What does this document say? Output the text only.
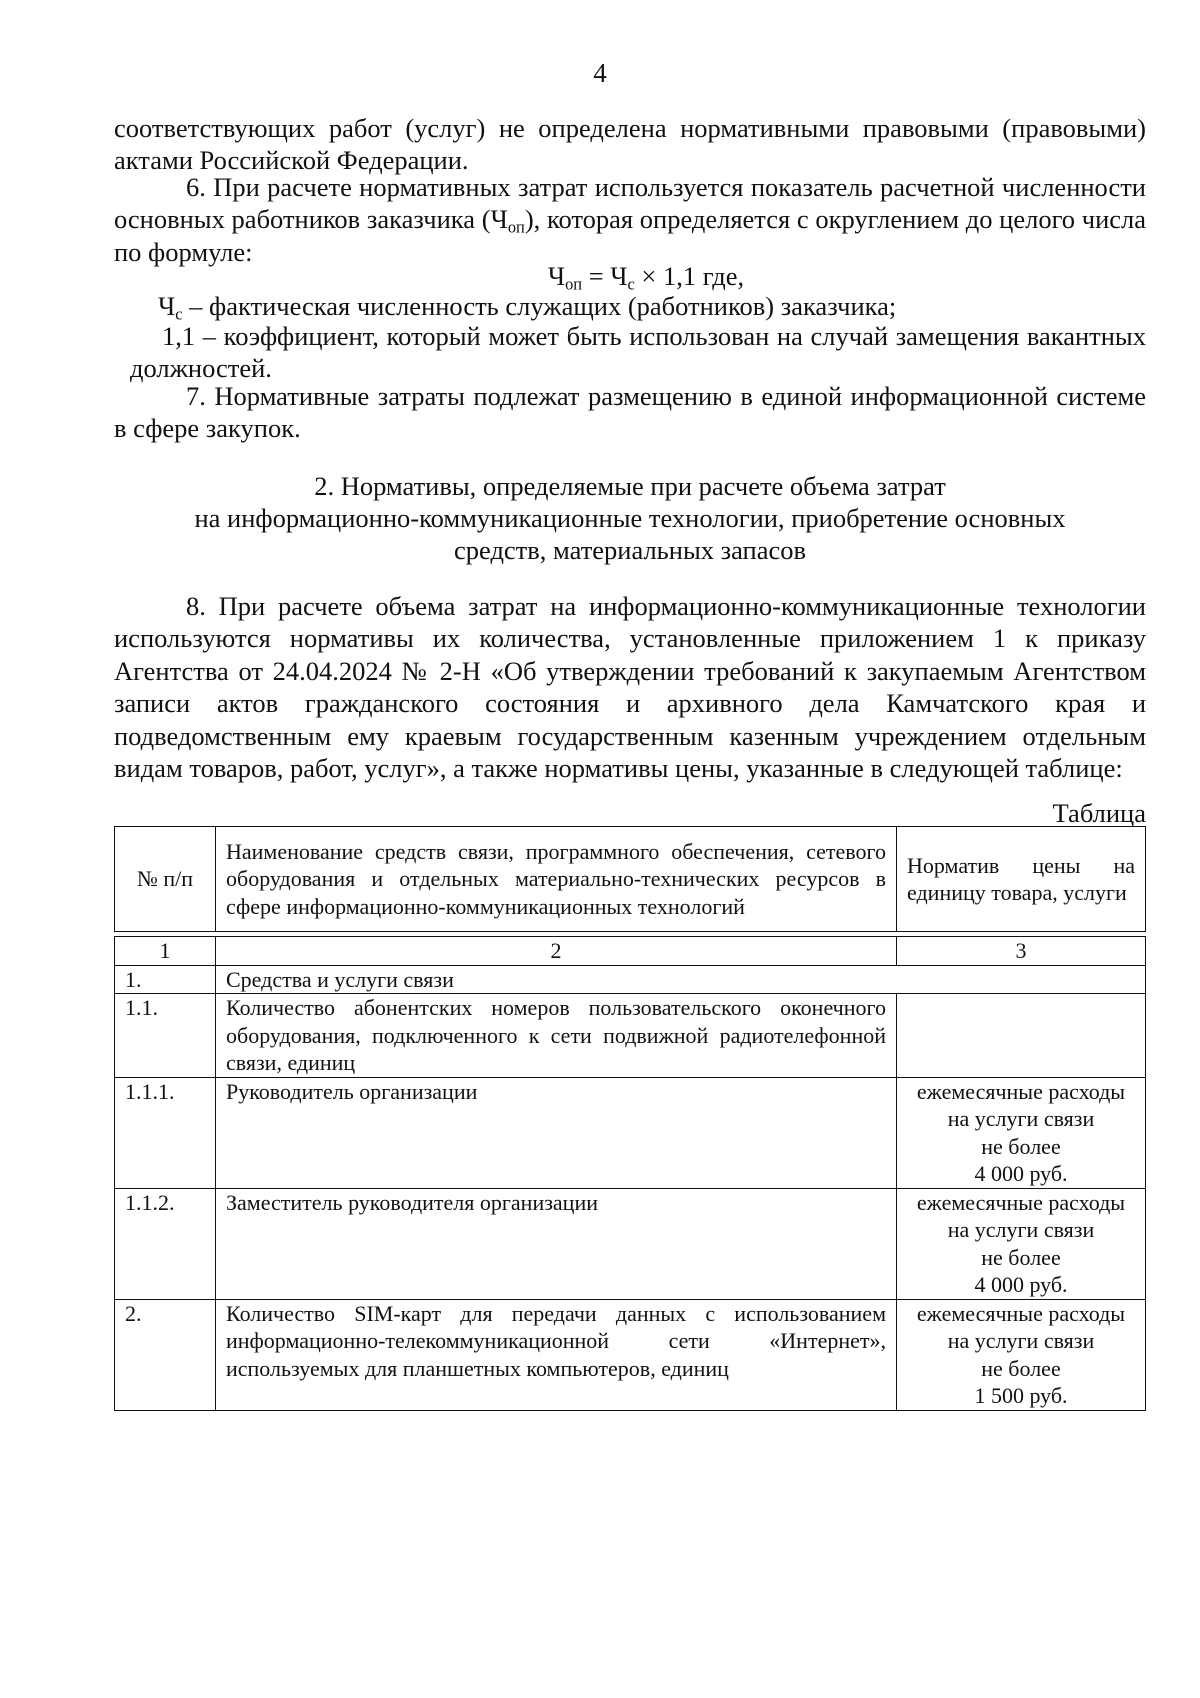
4
соответствующих работ (услуг) не определена нормативными правовыми (правовыми) актами Российской Федерации.
6. При расчете нормативных затрат используется показатель расчетной численности основных работников заказчика $(Ч_{оп})$, которая определяется с округлением до целого числа по формуле:
$Ч_{оп} = Ч_с \times 1,1$ где,
$Ч_с$ – фактическая численность служащих (работников) заказчика;
1,1 – коэффициент, который может быть использован на случай замещения вакантных должностей.
7. Нормативные затраты подлежат размещению в единой информационной системе в сфере закупок.
2. Нормативы, определяемые при расчете объема затрат
на информационно-коммуникационные технологии, приобретение основных
средств, материальных запасов
8. При расчете объема затрат на информационно-коммуникационные технологии используются нормативы их количества, установленные приложением 1 к приказу Агентства от 24.04.2024 № 2-Н «Об утверждении требований к закупаемым Агентством записи актов гражданского состояния и архивного дела Камчатского края и подведомственным ему краевым государственным казенным учреждением отдельным видам товаров, работ, услуг», а также нормативы цены, указанные в следующей таблице:
Таблица
№ п/п	Наименование средств связи, программного обеспечения, сетевого оборудования и отдельных материально-технических ресурсов в сфере информационно-коммуникационных технологий	Норматив цены на
единицу товара, услуги

1	2	3
1.	Средства и услуги связи	
1.1.	Количество абонентских номеров пользовательского оконечного оборудования, подключенного к сети подвижной радиотелефонной связи, единиц	
1.1.1.	Руководитель организации	ежемесячные расходы
на услуги связи
не более
4 000 руб.

1.1.2.	Заместитель руководителя организации	ежемесячные расходы
на услуги связи
не более
4 000 руб.

2.	Количество SIM-карт для передачи данных с использованием информационно-телекоммуникационной сети «Интернет», используемых для планшетных компьютеров, единиц	ежемесячные расходы
на услуги связи
не более
1 500 руб.
